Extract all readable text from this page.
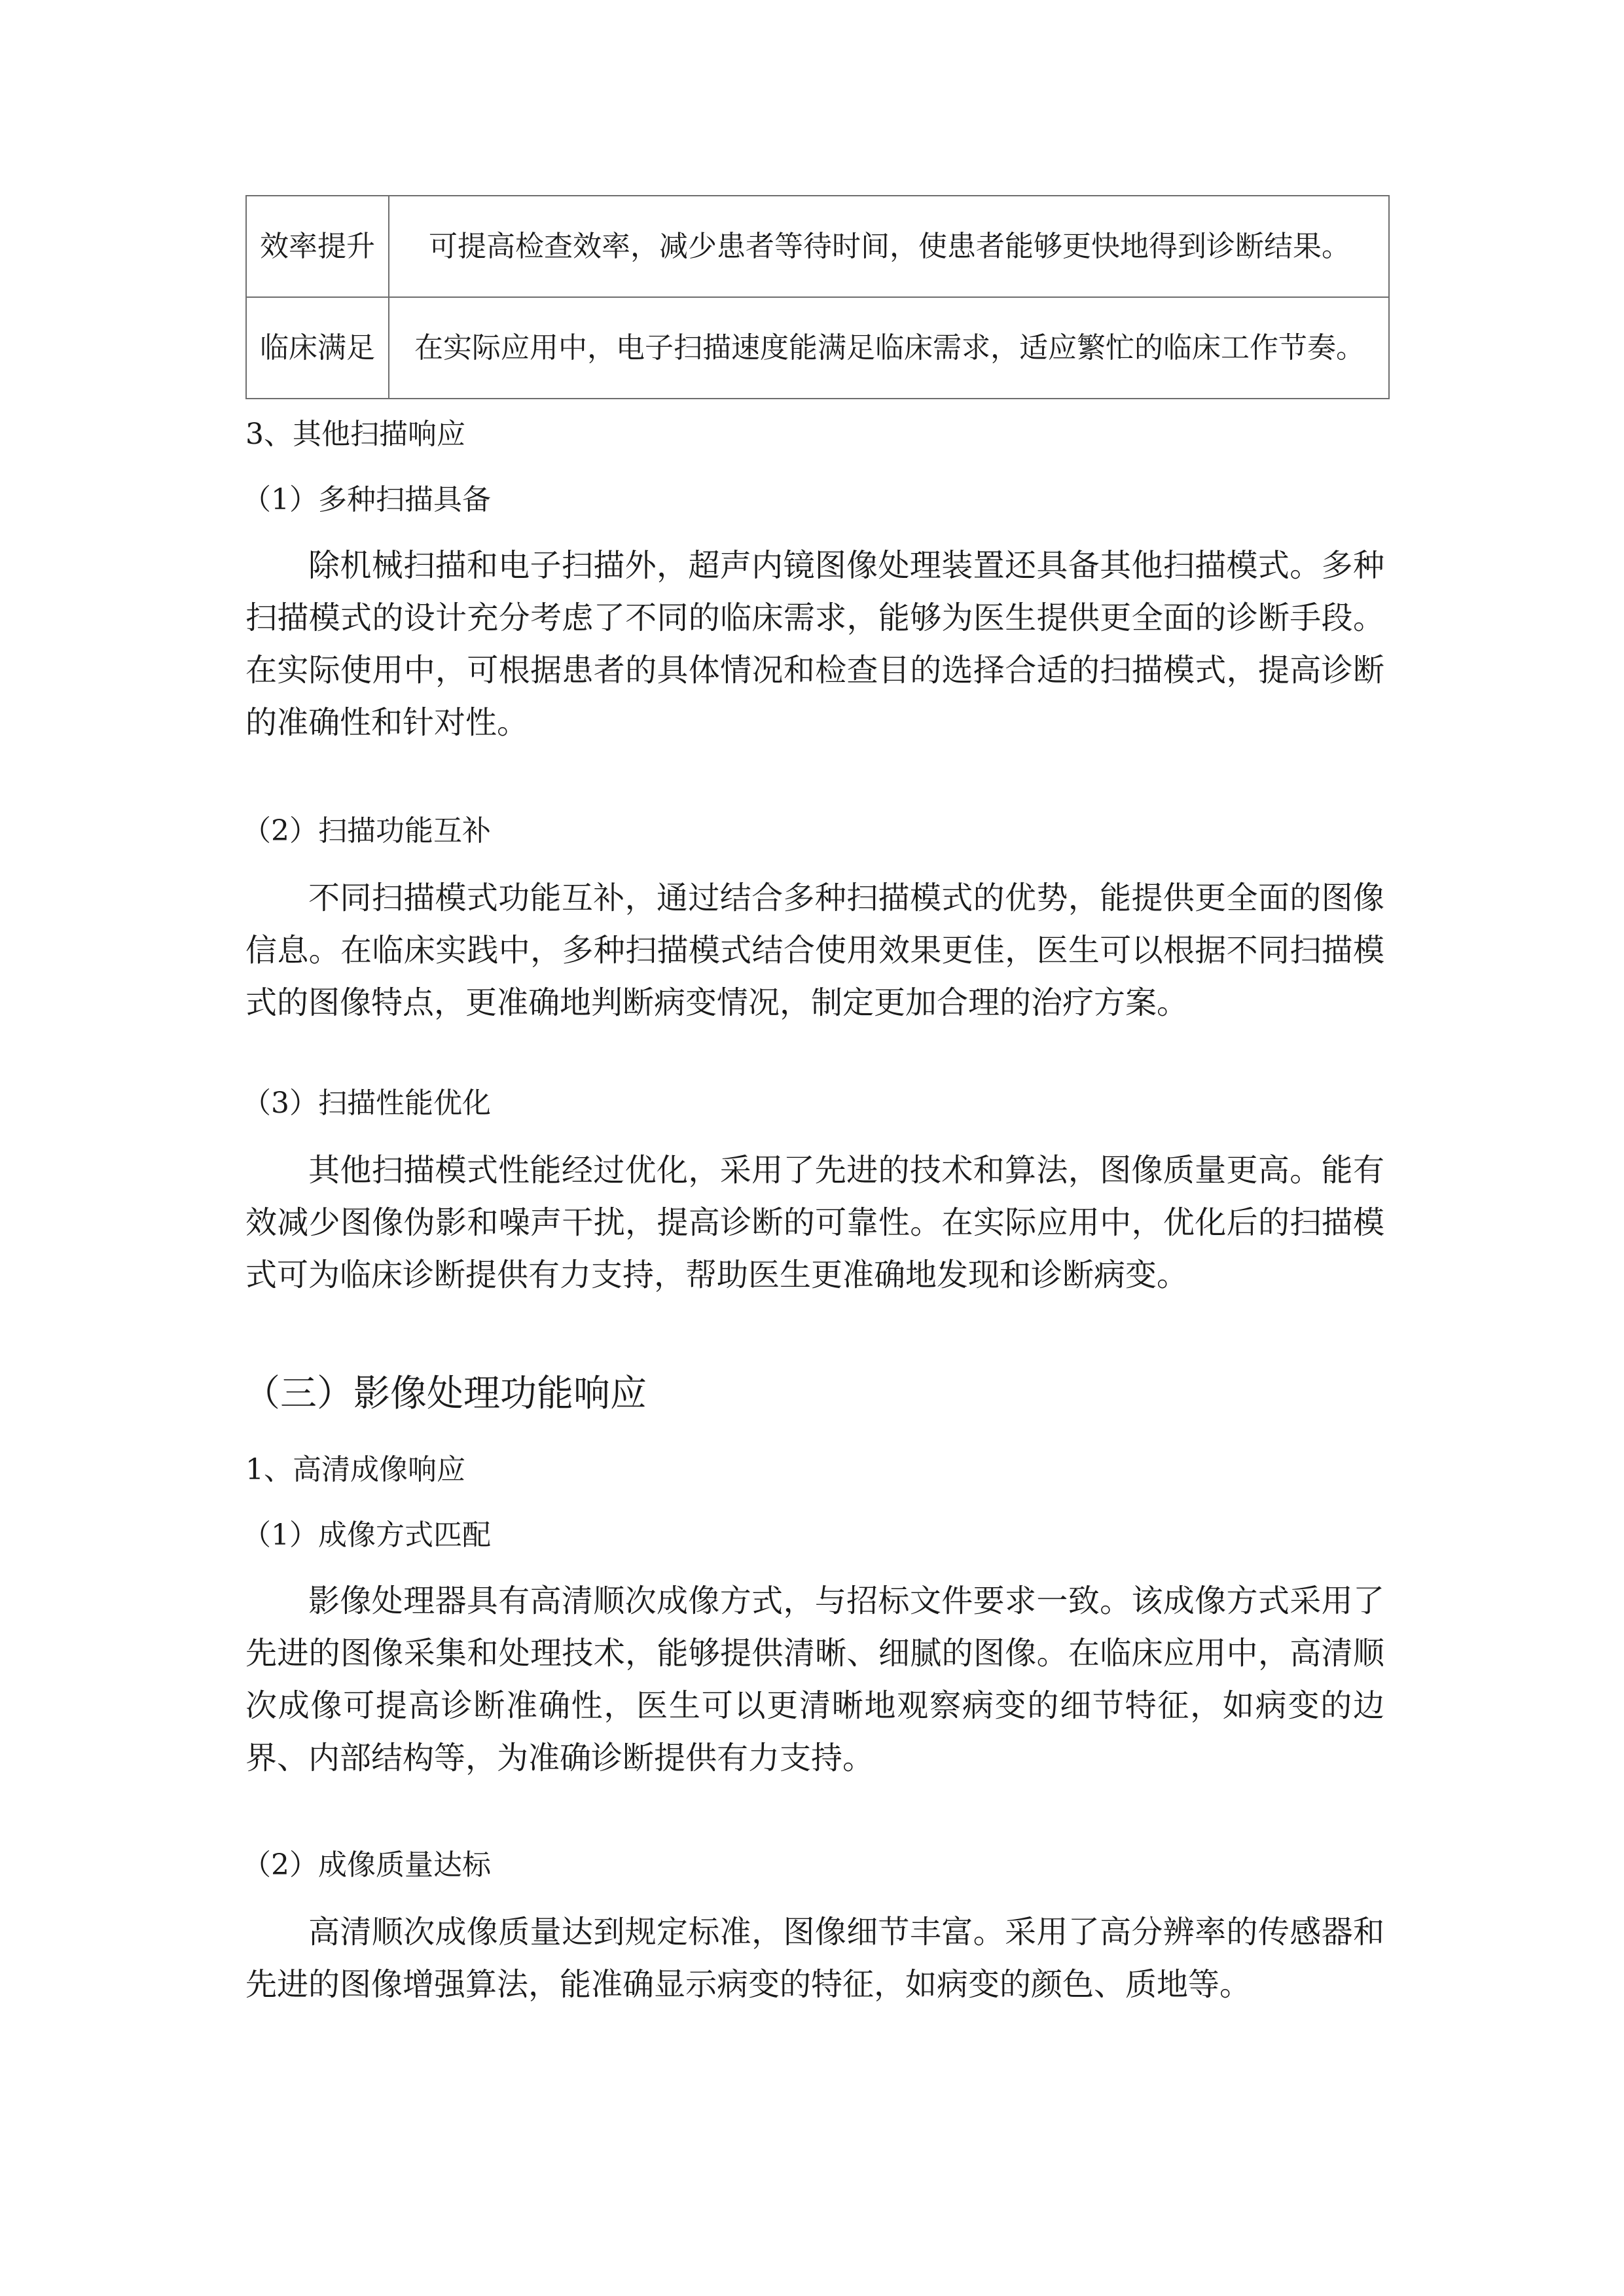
效率提升	可提高检查效率，减少患者等待时间，使患者能够更快地得到诊断结果。
临床满足	在实际应用中，电子扫描速度能满足临床需求，适应繁忙的临床工作节奏。
3、其他扫描响应
（1）多种扫描具备
除机械扫描和电子扫描外，超声内镜图像处理装置还具备其他扫描模式。多种扫描模式的设计充分考虑了不同的临床需求，能够为医生提供更全面的诊断手段。在实际使用中，可根据患者的具体情况和检查目的选择合适的扫描模式，提高诊断的准确性和针对性。
（2）扫描功能互补
不同扫描模式功能互补，通过结合多种扫描模式的优势，能提供更全面的图像信息。在临床实践中，多种扫描模式结合使用效果更佳，医生可以根据不同扫描模式的图像特点，更准确地判断病变情况，制定更加合理的治疗方案。
（3）扫描性能优化
其他扫描模式性能经过优化，采用了先进的技术和算法，图像质量更高。能有效减少图像伪影和噪声干扰，提高诊断的可靠性。在实际应用中，优化后的扫描模式可为临床诊断提供有力支持，帮助医生更准确地发现和诊断病变。
（三）影像处理功能响应
1、高清成像响应
（1）成像方式匹配
影像处理器具有高清顺次成像方式，与招标文件要求一致。该成像方式采用了先进的图像采集和处理技术，能够提供清晰、细腻的图像。在临床应用中，高清顺次成像可提高诊断准确性，医生可以更清晰地观察病变的细节特征，如病变的边界、内部结构等，为准确诊断提供有力支持。
（2）成像质量达标
高清顺次成像质量达到规定标准，图像细节丰富。采用了高分辨率的传感器和先进的图像增强算法，能准确显示病变的特征，如病变的颜色、质地等。
